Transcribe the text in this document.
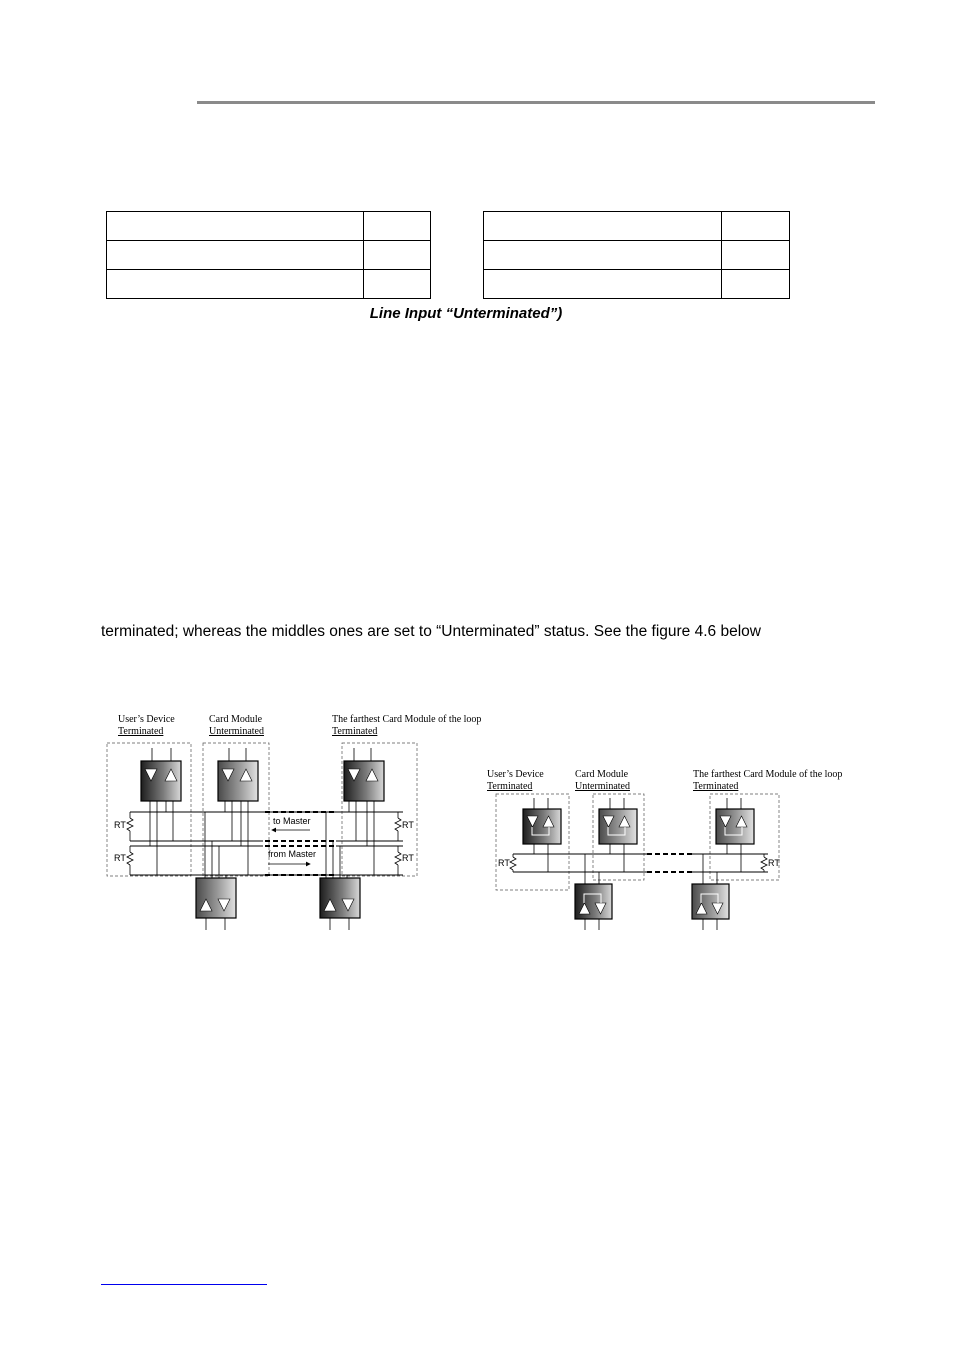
Line Input “Unterminated”)
terminated; whereas the middles ones are set to “Unterminated” status. See the figure 4.6 below
User’s Device
Terminated
Card Module
Unterminated
The farthest Card Module of the loop
Terminated
to Master
from Master
RT
RT
RT
RT
User’s Device
Terminated
Card Module
Unterminated
The farthest Card Module of the loop
Terminated
RT	RT
